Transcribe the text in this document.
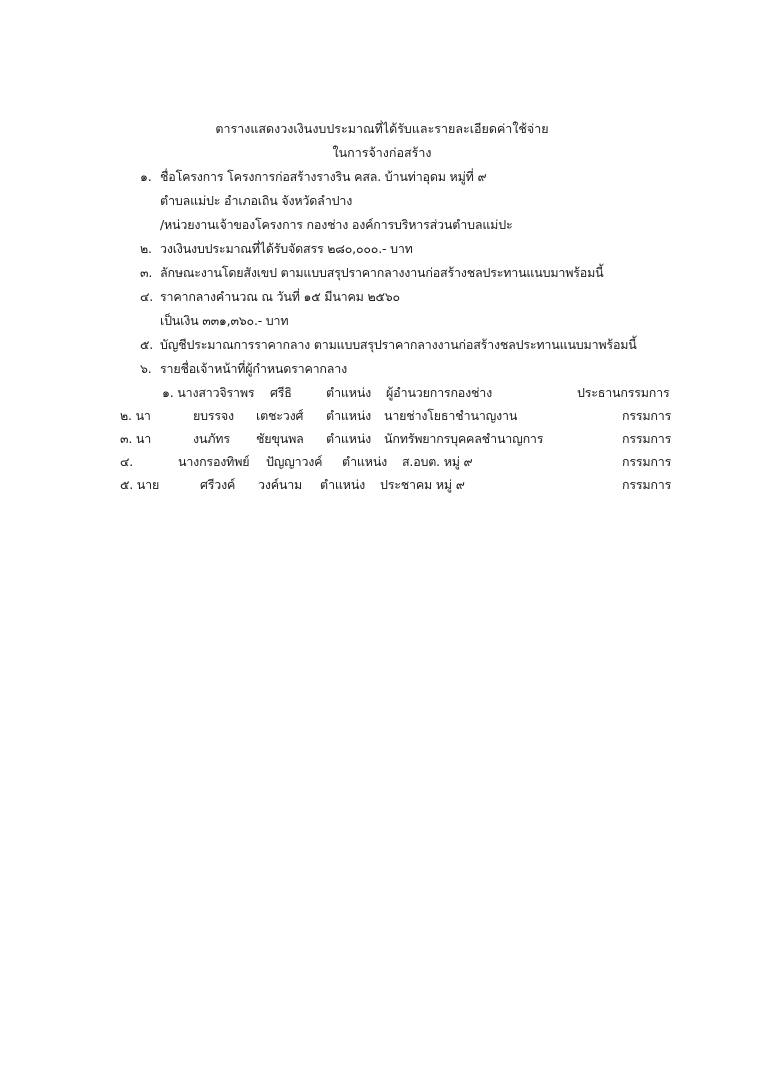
ตารางแสดงวงเงินงบประมาณที่ได้รับและรายละเอียดค่าใช้จ่าย
ในการจ้างก่อสร้าง
๑. ชื่อโครงการ โครงการก่อสร้างรางริน คสล. บ้านท่าอุดม หมู่ที่ ๙
ตำบลแม่ปะ อำเภอเถิน จังหวัดลำปาง
/หน่วยงานเจ้าของโครงการ กองช่าง องค์การบริหารส่วนตำบลแม่ปะ
๒. วงเงินงบประมาณที่ได้รับจัดสรร ๒๘๐,๐๐๐.- บาท
๓. ลักษณะงานโดยสังเขป ตามแบบสรุปราคากลางงานก่อสร้างชลประทานแนบมาพร้อมนี้
๔. ราคากลางคำนวณ ณ วันที่ ๑๕ มีนาคม ๒๕๖๐
เป็นเงิน ๓๓๑,๓๖๐.- บาท
๕. บัญชีประมาณการราคากลาง ตามแบบสรุปราคากลางงานก่อสร้างชลประทานแนบมาพร้อมนี้
๖. รายชื่อเจ้าหน้าที่ผู้กำหนดราคากลาง
๑. นางสาวจิราพร ศรีธิ	ตำแหน่ง ผู้อำนวยการกองช่าง	ประธานกรรมการ
๒. นา	ยบรรจง เตชะวงศ์ ตำแหน่ง นายช่างโยธาชำนาญงาน	กรรมการ
๓. นา	งนภัทร ชัยขุนพล ตำแหน่ง นักทรัพยากรบุคคลชำนาญการ	กรรมการ
๔.	นางกรองทิพย์ ปัญญาวงค์ ตำแหน่ง ส.อบต. หมู่ ๙	กรรมการ
๕. นาย	ศรีวงค์ วงค์นาม ตำแหน่ง ประชาคม หมู่ ๙	กรรมการ
